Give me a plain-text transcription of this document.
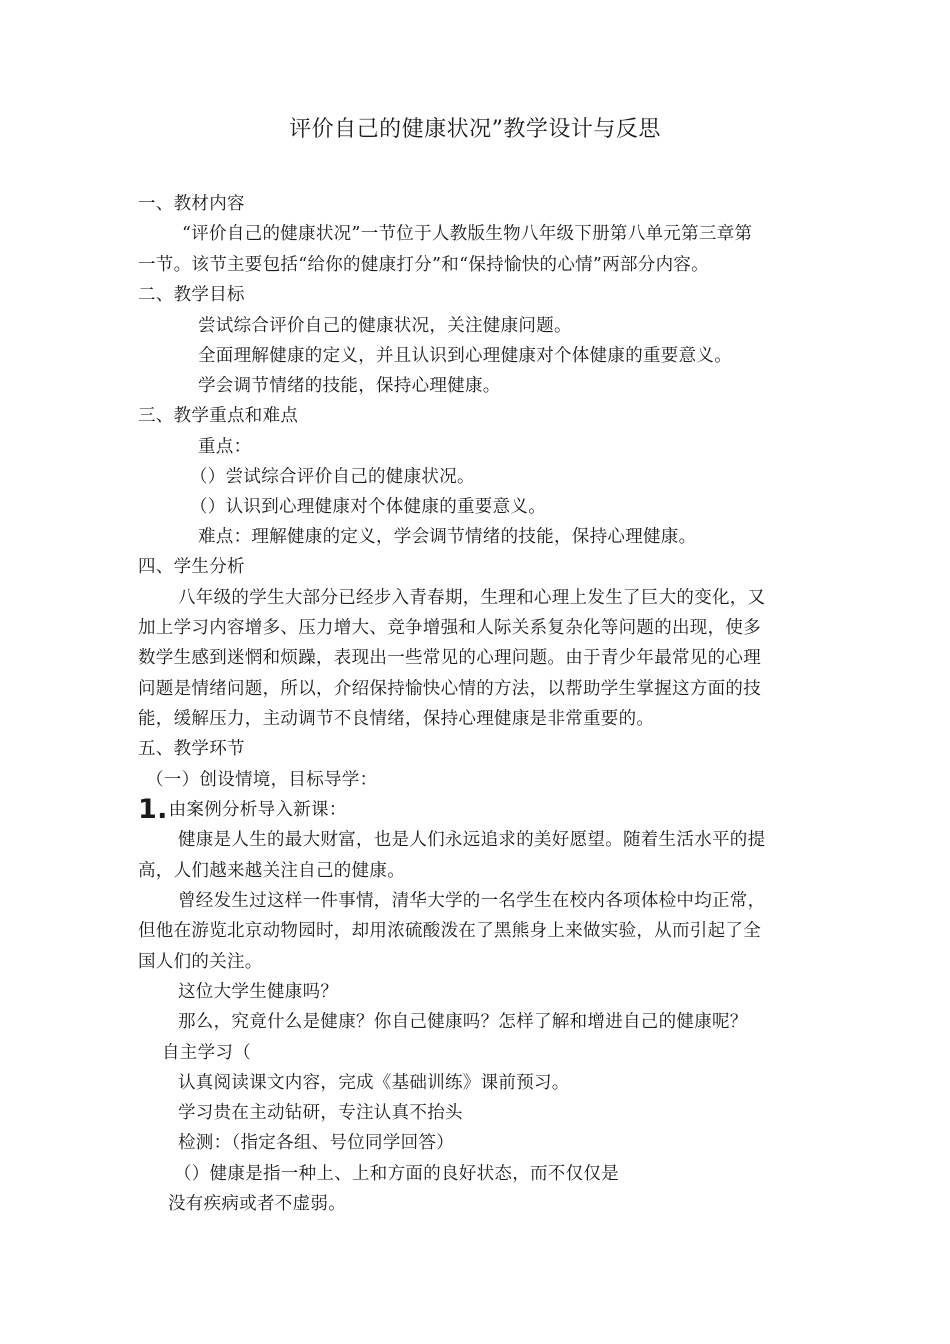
评价自己的健康状况”教学设计与反思
一、教材内容
“评价自己的健康状况”一节位于人教版生物八年级下册第八单元第三章第
一节。该节主要包括“给你的健康打分”和“保持愉快的心情”两部分内容。
二、教学目标
尝试综合评价自己的健康状况，关注健康问题。
全面理解健康的定义，并且认识到心理健康对个体健康的重要意义。
学会调节情绪的技能，保持心理健康。
三、教学重点和难点
重点：
（）尝试综合评价自己的健康状况。
（）认识到心理健康对个体健康的重要意义。
难点：理解健康的定义，学会调节情绪的技能，保持心理健康。
四、学生分析
八年级的学生大部分已经步入青春期，生理和心理上发生了巨大的变化，又
加上学习内容增多、压力增大、竞争增强和人际关系复杂化等问题的出现，使多
数学生感到迷惘和烦躁，表现出一些常见的心理问题。由于青少年最常见的心理
问题是情绪问题，所以，介绍保持愉快心情的方法，以帮助学生掌握这方面的技
能，缓解压力，主动调节不良情绪，保持心理健康是非常重要的。
五、教学环节
（一）创设情境，目标导学：
1.由案例分析导入新课：
健康是人生的最大财富，也是人们永远追求的美好愿望。随着生活水平的提
高，人们越来越关注自己的健康。
曾经发生过这样一件事情，清华大学的一名学生在校内各项体检中均正常，
但他在游览北京动物园时，却用浓硫酸泼在了黑熊身上来做实验，从而引起了全
国人们的关注。
这位大学生健康吗？
那么，究竟什么是健康？你自己健康吗？怎样了解和增进自己的健康呢？
自主学习（
认真阅读课文内容，完成《基础训练》课前预习。
学习贵在主动钻研，专注认真不抬头
检测：（指定各组、号位同学回答）
（）健康是指一种上、上和方面的良好状态，而不仅仅是
没有疾病或者不虚弱。
